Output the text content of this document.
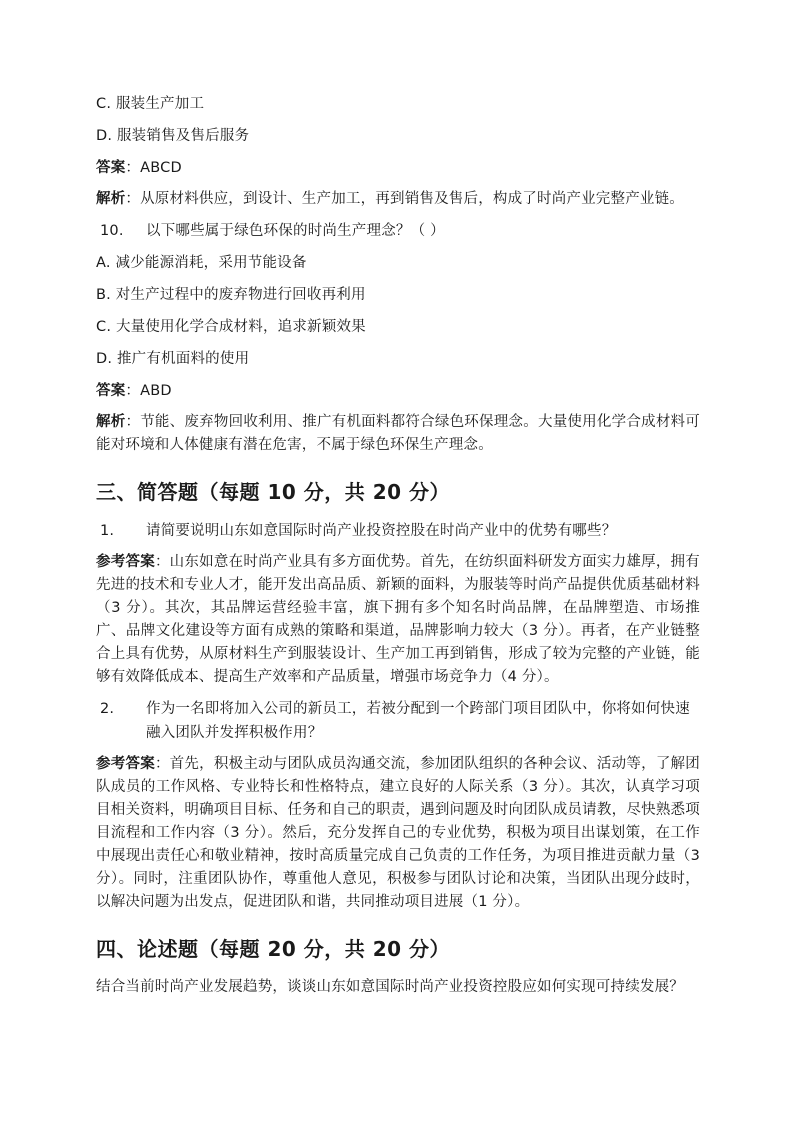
C. 服装生产加工

D. 服装销售及售后服务

答案：ABCD

解析：从原材料供应，到设计、生产加工，再到销售及售后，构成了时尚产业完整产业链。

10.	以下哪些属于绿色环保的时尚生产理念？（ ）

A. 减少能源消耗，采用节能设备

B. 对生产过程中的废弃物进行回收再利用

C. 大量使用化学合成材料，追求新颖效果

D. 推广有机面料的使用

答案：ABD

解析：节能、废弃物回收利用、推广有机面料都符合绿色环保理念。大量使用化学合成材料可能对环境和人体健康有潜在危害，不属于绿色环保生产理念。

三、简答题（每题 10 分，共 20 分）
1.	请简要说明山东如意国际时尚产业投资控股在时尚产业中的优势有哪些？

参考答案：山东如意在时尚产业具有多方面优势。首先，在纺织面料研发方面实力雄厚，拥有先进的技术和专业人才，能开发出高品质、新颖的面料，为服装等时尚产品提供优质基础材料（3 分）。其次，其品牌运营经验丰富，旗下拥有多个知名时尚品牌，在品牌塑造、市场推广、品牌文化建设等方面有成熟的策略和渠道，品牌影响力较大（3 分）。再者，在产业链整合上具有优势，从原材料生产到服装设计、生产加工再到销售，形成了较为完整的产业链，能够有效降低成本、提高生产效率和产品质量，增强市场竞争力（4 分）。

2.	作为一名即将加入公司的新员工，若被分配到一个跨部门项目团队中，你将如何快速融入团队并发挥积极作用？

参考答案：首先，积极主动与团队成员沟通交流，参加团队组织的各种会议、活动等，了解团队成员的工作风格、专业特长和性格特点，建立良好的人际关系（3 分）。其次，认真学习项目相关资料，明确项目目标、任务和自己的职责，遇到问题及时向团队成员请教，尽快熟悉项目流程和工作内容（3 分）。然后，充分发挥自己的专业优势，积极为项目出谋划策，在工作中展现出责任心和敬业精神，按时高质量完成自己负责的工作任务，为项目推进贡献力量（3 分）。同时，注重团队协作，尊重他人意见，积极参与团队讨论和决策，当团队出现分歧时，以解决问题为出发点，促进团队和谐，共同推动项目进展（1 分）。

四、论述题（每题 20 分，共 20 分）

结合当前时尚产业发展趋势，谈谈山东如意国际时尚产业投资控股应如何实现可持续发展？
